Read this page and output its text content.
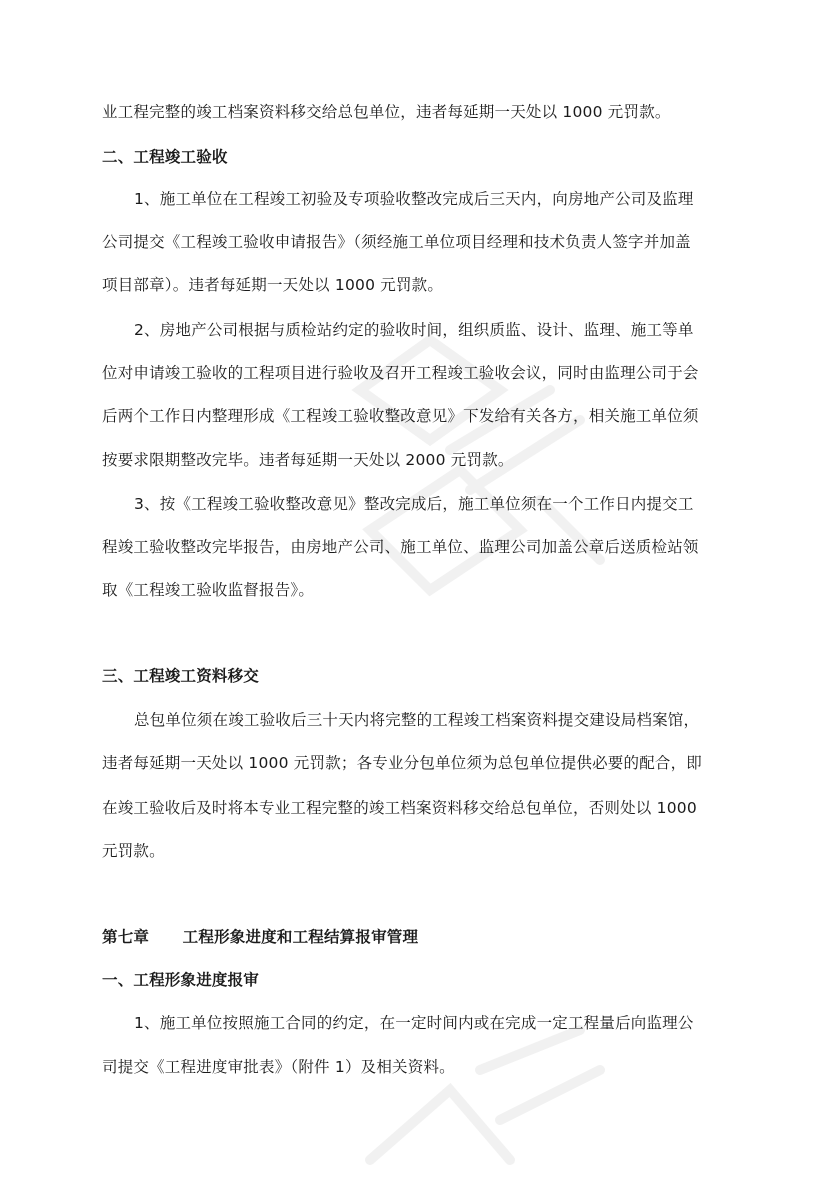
业工程完整的竣工档案资料移交给总包单位，违者每延期一天处以 1000 元罚款。
二、工程竣工验收
1、施工单位在工程竣工初验及专项验收整改完成后三天内，向房地产公司及监理
公司提交《工程竣工验收申请报告》（须经施工单位项目经理和技术负责人签字并加盖
项目部章）。违者每延期一天处以 1000 元罚款。
2、房地产公司根据与质检站约定的验收时间，组织质监、设计、监理、施工等单
位对申请竣工验收的工程项目进行验收及召开工程竣工验收会议，同时由监理公司于会
后两个工作日内整理形成《工程竣工验收整改意见》下发给有关各方，相关施工单位须
按要求限期整改完毕。违者每延期一天处以 2000 元罚款。
3、按《工程竣工验收整改意见》整改完成后，施工单位须在一个工作日内提交工
程竣工验收整改完毕报告，由房地产公司、施工单位、监理公司加盖公章后送质检站领
取《工程竣工验收监督报告》。
三、工程竣工资料移交
总包单位须在竣工验收后三十天内将完整的工程竣工档案资料提交建设局档案馆，
违者每延期一天处以 1000 元罚款；各专业分包单位须为总包单位提供必要的配合，即
在竣工验收后及时将本专业工程完整的竣工档案资料移交给总包单位，否则处以 1000
元罚款。
第七章      工程形象进度和工程结算报审管理
一、工程形象进度报审
1、施工单位按照施工合同的约定，在一定时间内或在完成一定工程量后向监理公
司提交《工程进度审批表》（附件 1）及相关资料。
